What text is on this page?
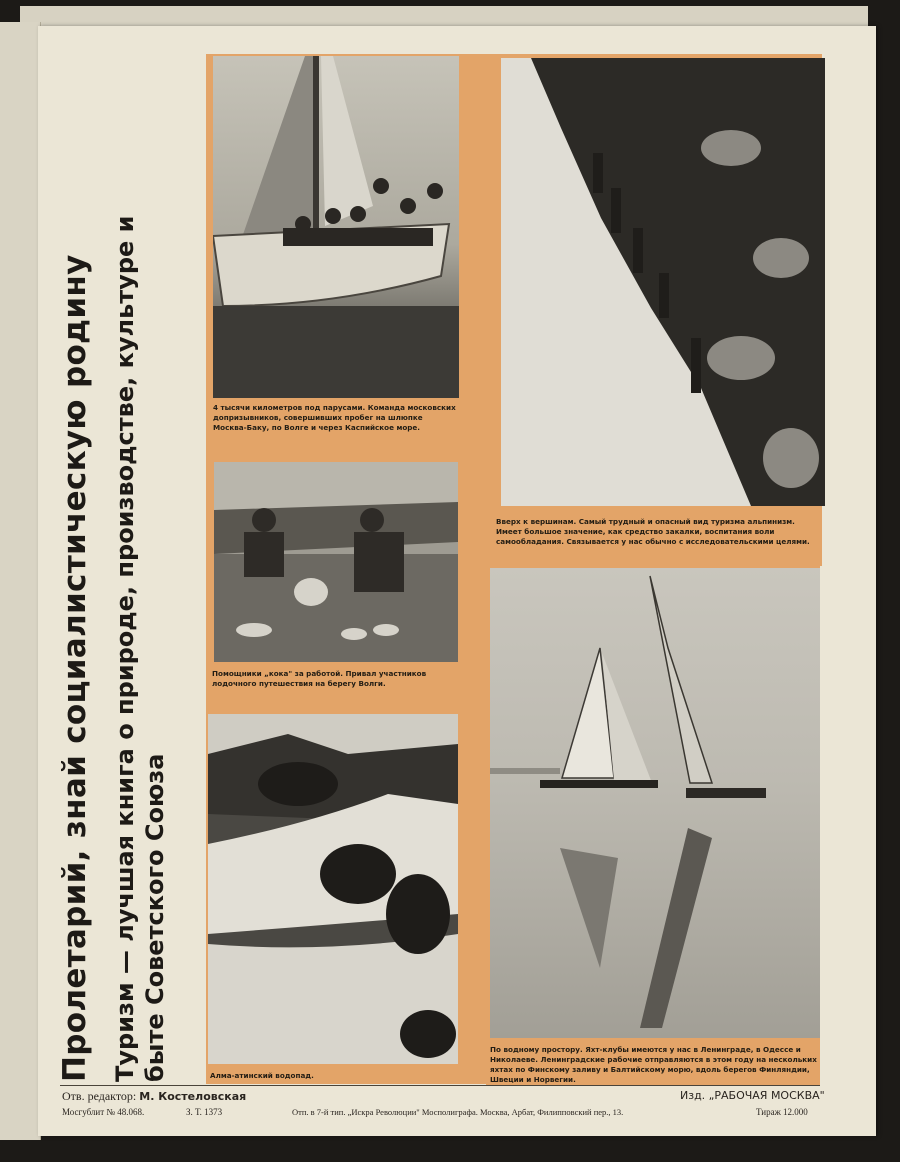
Пролетарий, знай социалистическую родину Туризм — лучшая книга о природе, производстве, культуре и быте Советского Союза
4 тысячи километров под парусами. Команда московских допризывников, совершивших пробег на шлюпке Москва-Баку, по Волге и через Каспийское море.
Вверх к вершинам. Самый трудный и опасный вид туризма альпинизм. Имеет большое значение, как средство закалки, воспитания воли самообладания. Связывается у нас обычно с исследовательскими целями.
Помощники „кока" за работой. Привал участников лодочного путешествия на берегу Волги.
По водному простору. Яхт-клубы имеются у нас в Ленинграде, в Одессе и Николаеве. Ленинградские рабочие отправляются в этом году на нескольких яхтах по Финскому заливу и Балтийскому морю, вдоль берегов Финляндии, Швеции и Норвегии.
Алма-атинский водопад.
Отв. редактор: М. Костеловская	Изд. „РАБОЧАЯ МОСКВА"
Мосгублит № 48.068.	З. Т. 1373	Отп. в 7-й тип. „Искра Революции" Мосполиграфа. Москва, Арбат, Филипповский пер., 13.	Тираж 12.000
